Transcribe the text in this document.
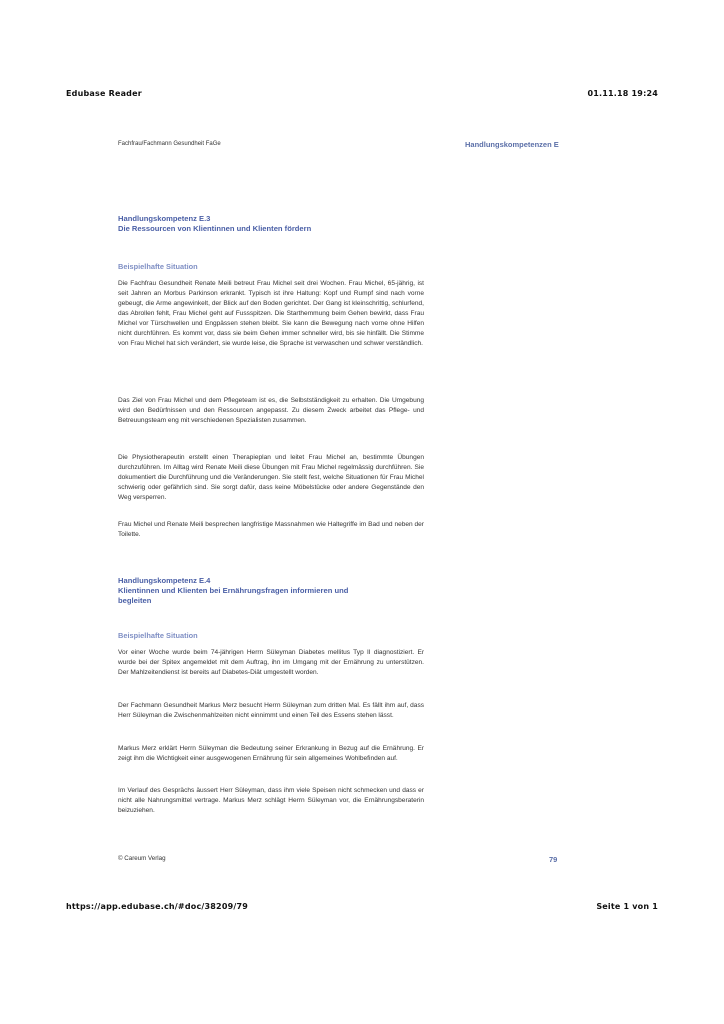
Edubase Reader	01.11.18 19:24
Fachfrau/Fachmann Gesundheit FaGe	Handlungskompetenzen E
Handlungskompetenz E.3
Die Ressourcen von Klientinnen und Klienten fördern
Beispielhafte Situation
Die Fachfrau Gesundheit Renate Meili betreut Frau Michel seit drei Wochen. Frau Michel, 65-jährig, ist seit Jahren an Morbus Parkinson erkrankt. Typisch ist ihre Haltung: Kopf und Rumpf sind nach vorne gebeugt, die Arme angewinkelt, der Blick auf den Boden gerichtet. Der Gang ist kleinschrittig, schlurfend, das Abrollen fehlt, Frau Michel geht auf Fussspitzen. Die Starthemmung beim Gehen bewirkt, dass Frau Michel vor Türschwellen und Engpässen stehen bleibt. Sie kann die Bewegung nach vorne ohne Hilfen nicht durchführen. Es kommt vor, dass sie beim Gehen immer schneller wird, bis sie hinfällt. Die Stimme von Frau Michel hat sich verändert, sie wurde leise, die Sprache ist verwaschen und schwer verständlich.
Das Ziel von Frau Michel und dem Pflegeteam ist es, die Selbstständigkeit zu erhalten. Die Umgebung wird den Bedürfnissen und den Ressourcen angepasst. Zu diesem Zweck arbeitet das Pflege- und Betreuungsteam eng mit verschiedenen Spezialisten zusammen.
Die Physiotherapeutin erstellt einen Therapieplan und leitet Frau Michel an, bestimmte Übungen durchzuführen. Im Alltag wird Renate Meili diese Übungen mit Frau Michel regelmässig durchführen. Sie dokumentiert die Durchführung und die Veränderungen. Sie stellt fest, welche Situationen für Frau Michel schwierig oder gefährlich sind. Sie sorgt dafür, dass keine Möbelstücke oder andere Gegenstände den Weg versperren.
Frau Michel und Renate Meili besprechen langfristige Massnahmen wie Haltegriffe im Bad und neben der Toilette.
Handlungskompetenz E.4
Klientinnen und Klienten bei Ernährungsfragen informieren und
begleiten
Beispielhafte Situation
Vor einer Woche wurde beim 74-jährigen Herrn Süleyman Diabetes mellitus Typ II diagnostiziert. Er wurde bei der Spitex angemeldet mit dem Auftrag, ihn im Umgang mit der Ernährung zu unterstützen. Der Mahlzeitendienst ist bereits auf Diabetes-Diät umgestellt worden.
Der Fachmann Gesundheit Markus Merz besucht Herrn Süleyman zum dritten Mal. Es fällt ihm auf, dass Herr Süleyman die Zwischenmahlzeiten nicht einnimmt und einen Teil des Essens stehen lässt.
Markus Merz erklärt Herrn Süleyman die Bedeutung seiner Erkrankung in Bezug auf die Ernährung. Er zeigt ihm die Wichtigkeit einer ausgewogenen Ernährung für sein allgemeines Wohlbefinden auf.
Im Verlauf des Gesprächs äussert Herr Süleyman, dass ihm viele Speisen nicht schmecken und dass er nicht alle Nahrungsmittel vertrage. Markus Merz schlägt Herrn Süleyman vor, die Ernährungsberaterin beizuziehen.
© Careum Verlag	79
https://app.edubase.ch/#doc/38209/79	Seite 1 von 1
